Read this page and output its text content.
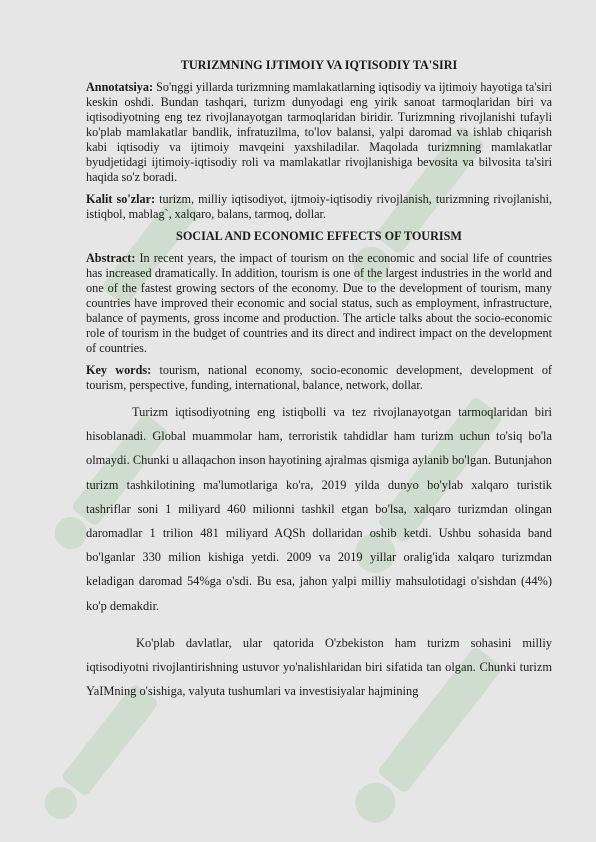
TURIZMNING IJTIMOIY VA IQTISODIY TA'SIRI
Annotatsiya: So'nggi yillarda turizmning mamlakatlarning iqtisodiy va ijtimoiy hayotiga ta'siri keskin oshdi. Bundan tashqari, turizm dunyodagi eng yirik sanoat tarmoqlaridan biri va iqtisodiyotning eng tez rivojlanayotgan tarmoqlaridan biridir. Turizmning rivojlanishi tufayli ko'plab mamlakatlar bandlik, infratuzilma, to'lov balansi, yalpi daromad va ishlab chiqarish kabi iqtisodiy va ijtimoiy mavqeini yaxshiladilar. Maqolada turizmning mamlakatlar byudjetidagi ijtimoiy-iqtisodiy roli va mamlakatlar rivojlanishiga bevosita va bilvosita ta'siri haqida so'z boradi.
Kalit so'zlar: turizm, milliy iqtisodiyot, ijtmoiy-iqtisodiy rivojlanish, turizmning rivojlanishi, istiqbol, mablag`, xalqaro, balans, tarmoq, dollar.
SOCIAL AND ECONOMIC EFFECTS OF TOURISM
Abstract: In recent years, the impact of tourism on the economic and social life of countries has increased dramatically. In addition, tourism is one of the largest industries in the world and one of the fastest growing sectors of the economy. Due to the development of tourism, many countries have improved their economic and social status, such as employment, infrastructure, balance of payments, gross income and production. The article talks about the socio-economic role of tourism in the budget of countries and its direct and indirect impact on the development of countries.
Key words: tourism, national economy, socio-economic development, development of tourism, perspective, funding, international, balance, network, dollar.

Turizm iqtisodiyotning eng istiqbolli va tez rivojlanayotgan tarmoqlaridan biri hisoblanadi. Global muammolar ham, terroristik tahdidlar ham turizm uchun to'siq bo'la olmaydi. Chunki u allaqachon inson hayotining ajralmas qismiga aylanib bo'lgan. Butunjahon turizm tashkilotining ma'lumotlariga ko'ra, 2019 yilda dunyo bo'ylab xalqaro turistik tashriflar soni 1 miliyard 460 milionni tashkil etgan bo'lsa, xalqaro turizmdan olingan daromadlar 1 trilion 481 miliyard AQSh dollaridan oshib ketdi. Ushbu sohasida band bo'lganlar 330 milion kishiga yetdi. 2009 va 2019 yillar oralig'ida xalqaro turizmdan keladigan daromad 54%ga o'sdi. Bu esa, jahon yalpi milliy mahsulotidagi o'sishdan (44%) ko'p demakdir.

Ko'plab davlatlar, ular qatorida O'zbekiston ham turizm sohasini milliy iqtisodiyotni rivojlantirishning ustuvor yo'nalishlaridan biri sifatida tan olgan. Chunki turizm YaIMning o'sishiga, valyuta tushumlari va investisiyalar hajmining
